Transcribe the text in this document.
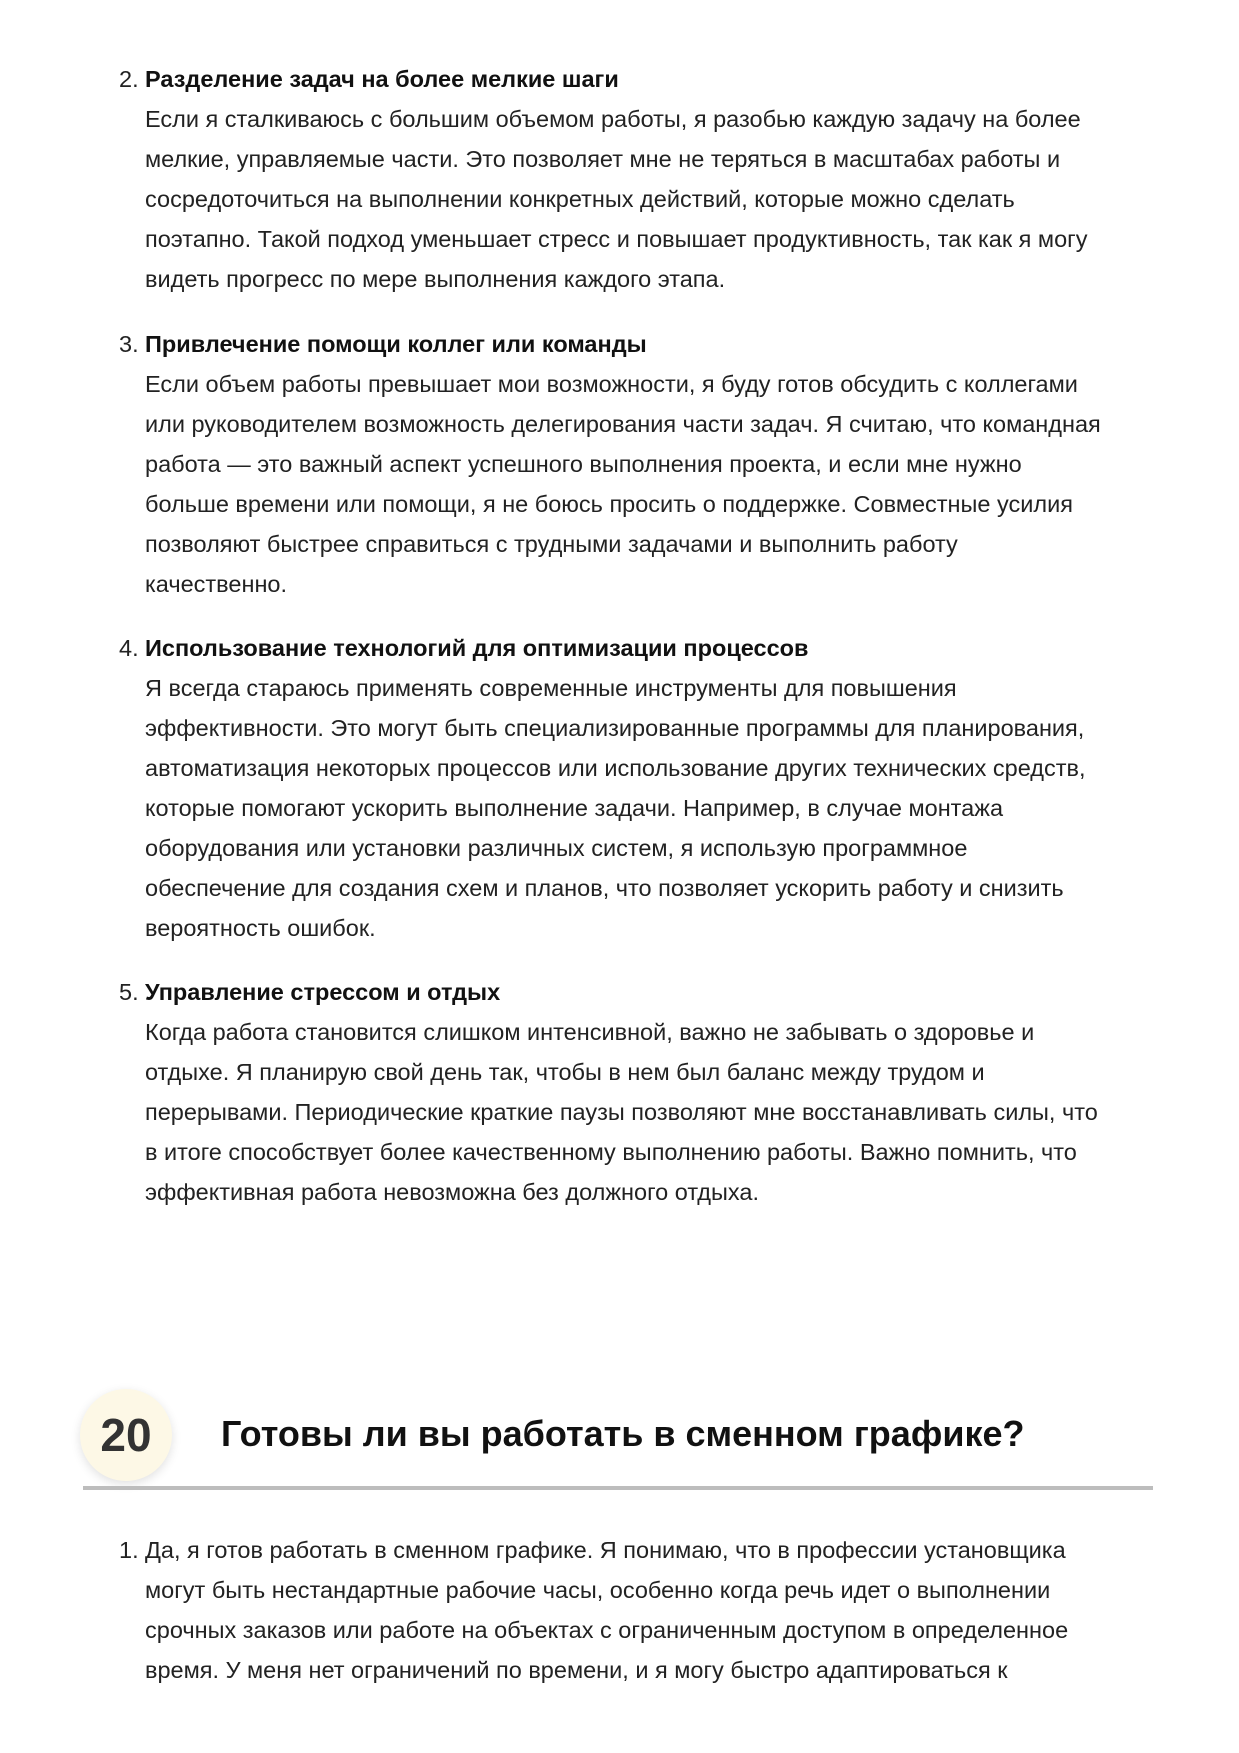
2. Разделение задач на более мелкие шаги
Если я сталкиваюсь с большим объемом работы, я разобью каждую задачу на более
мелкие, управляемые части. Это позволяет мне не теряться в масштабах работы и
сосредоточиться на выполнении конкретных действий, которые можно сделать
поэтапно. Такой подход уменьшает стресс и повышает продуктивность, так как я могу
видеть прогресс по мере выполнения каждого этапа.
3. Привлечение помощи коллег или команды
Если объем работы превышает мои возможности, я буду готов обсудить с коллегами
или руководителем возможность делегирования части задач. Я считаю, что командная
работа — это важный аспект успешного выполнения проекта, и если мне нужно
больше времени или помощи, я не боюсь просить о поддержке. Совместные усилия
позволяют быстрее справиться с трудными задачами и выполнить работу
качественно.
4. Использование технологий для оптимизации процессов
Я всегда стараюсь применять современные инструменты для повышения
эффективности. Это могут быть специализированные программы для планирования,
автоматизация некоторых процессов или использование других технических средств,
которые помогают ускорить выполнение задачи. Например, в случае монтажа
оборудования или установки различных систем, я использую программное
обеспечение для создания схем и планов, что позволяет ускорить работу и снизить
вероятность ошибок.
5. Управление стрессом и отдых
Когда работа становится слишком интенсивной, важно не забывать о здоровье и
отдыхе. Я планирую свой день так, чтобы в нем был баланс между трудом и
перерывами. Периодические краткие паузы позволяют мне восстанавливать силы, что
в итоге способствует более качественному выполнению работы. Важно помнить, что
эффективная работа невозможна без должного отдыха.
20	Готовы ли вы работать в сменном графике?
1. Да, я готов работать в сменном графике. Я понимаю, что в профессии установщика
могут быть нестандартные рабочие часы, особенно когда речь идет о выполнении
срочных заказов или работе на объектах с ограниченным доступом в определенное
время. У меня нет ограничений по времени, и я могу быстро адаптироваться к
